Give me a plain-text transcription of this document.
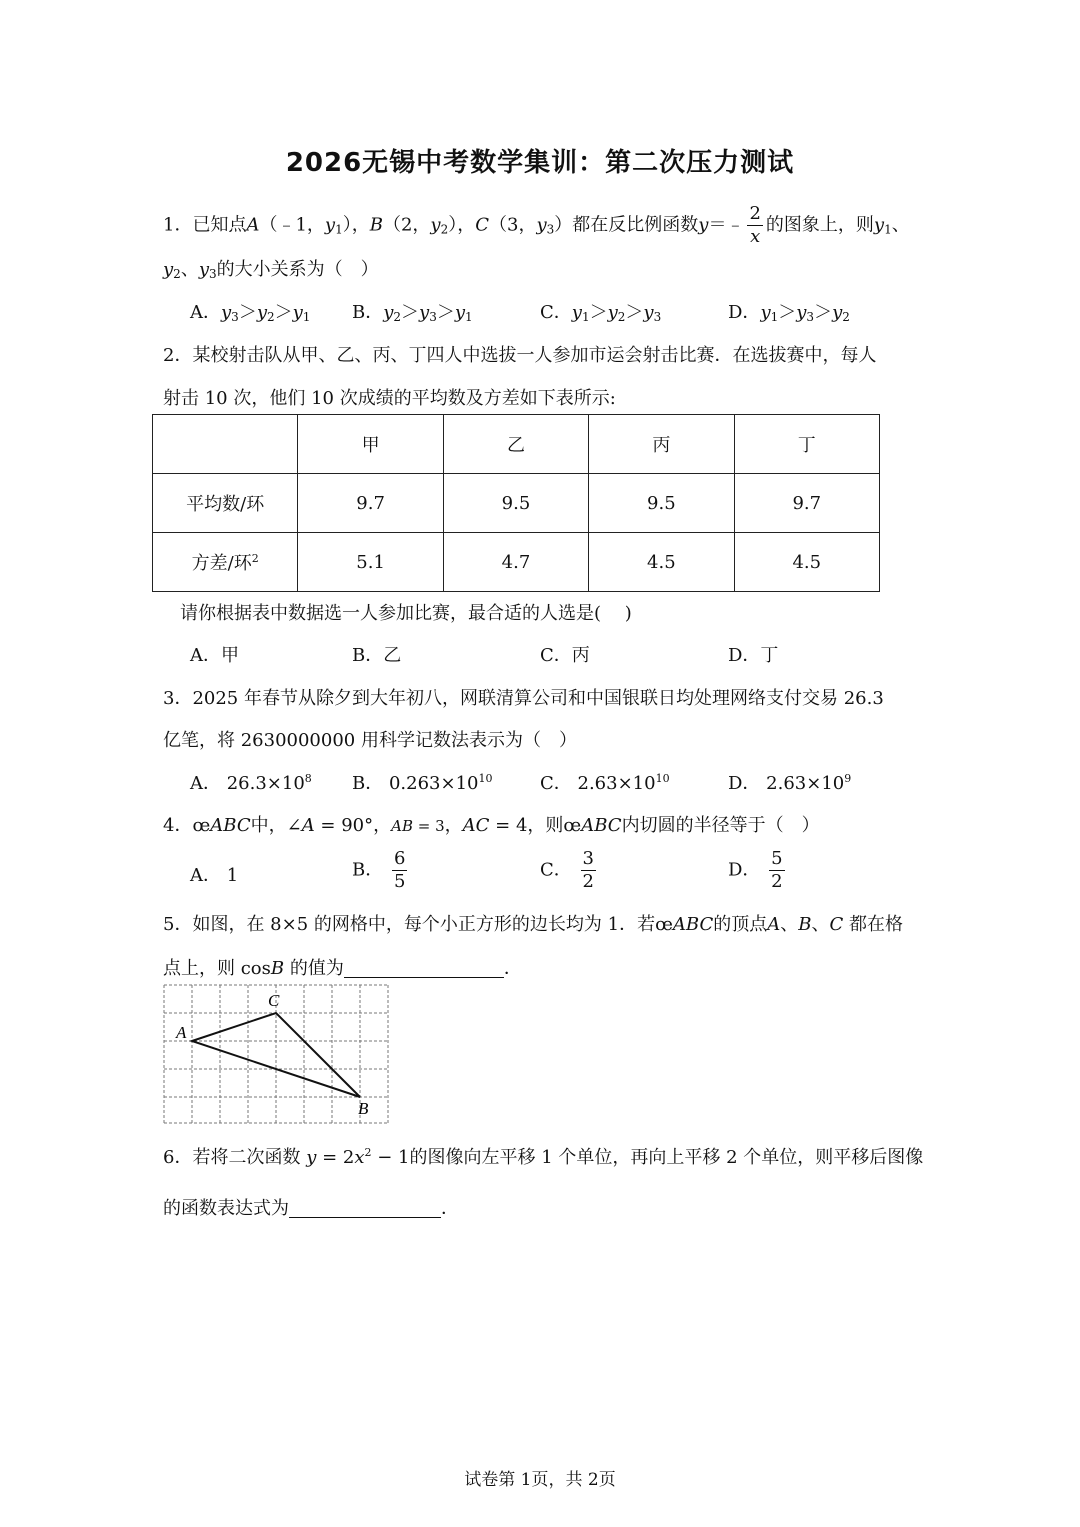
2026无锡中考数学集训：第二次压力测试
1．已知点A（﹣1，$y_1$），B（2，$y_2$），C（3，$y_3$）都在反比例函数y＝﹣ $\frac{2}{x}$ 的图象上，则$y_1$、
$y_2$、$y_3$的大小关系为（　）
A．$y_3>y_2>y_1$ B．$y_2>y_3>y_1$	C．$y_1>y_2>y_3$	D．$y_1>y_3>y_2$
2．某校射击队从甲、乙、丙、丁四人中选拔一人参加市运会射击比赛．在选拔赛中，每人
射击 10 次，他们 10 次成绩的平均数及方差如下表所示:
	甲	乙	丙	丁
平均数/环	9.7	9.5	9.5	9.7
方差/环$^2$	5.1	4.7	4.5	4.5
请你根据表中数据选一人参加比赛，最合适的人选是(　 )
A．甲	B．乙	C．丙	D．丁
3．2025 年春节从除夕到大年初八，网联清算公司和中国银联日均处理网络支付交易 26.3
亿笔，将 2630000000 用科学记数法表示为（　）
A． $26.3\times 10^8$ B． $0.263\times 10^{10}$	C． $2.63\times 10^{10}$	D． $2.63\times 10^9$
4．œABC中，∠A = 90°，AB = 3，AC = 4，则œABC内切圆的半径等于（　）
A． 1	B． $\frac{6}{5}$	C． $\frac{3}{2}$	D． $\frac{5}{2}$
5．如图，在 8×5 的网格中，每个小正方形的边长均为 1．若œABC的顶点A、B、C 都在格
点上，则 cosB 的值为	．
A
C
B
6．若将二次函数 $y = 2x^2 - 1$的图像向左平移 1 个单位，再向上平移 2 个单位，则平移后图像
的函数表达式为	．
试卷第 1页，共 2页
